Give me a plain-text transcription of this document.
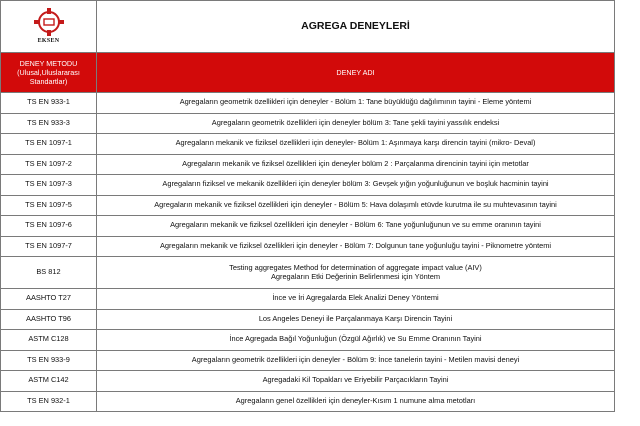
EKSEN	AGREGA DENEYLERİ
DENEY METODU
(Ulusal,Uluslararası
Standartlar)	DENEY ADI
TS EN 933-1	Agregaların geometrik özellikleri için deneyler - Bölüm 1: Tane büyüklüğü dağılımının tayini - Eleme yöntemi
TS EN 933-3	Agregaların geometrik özellikleri için deneyler bölüm 3: Tane şekli tayini yassılık endeksi
TS EN 1097-1	Agregaların mekanik ve fiziksel özellikleri için deneyler- Bölüm 1: Aşınmaya karşı direncin tayini (mikro- Deval)
TS EN 1097-2	Agregaların mekanik ve fiziksel özellikleri için deneyler bölüm 2 : Parçalanma direncinin tayini için metotlar
TS EN 1097-3	Agregaların fiziksel ve mekanik özellikleri için deneyler bölüm 3: Gevşek yığın yoğunluğunun ve boşluk hacminin tayini
TS EN 1097-5	Agregaların mekanik ve fiziksel özellikleri için deneyler - Bölüm 5: Hava dolaşımlı etüvde kurutma ile su muhtevasının tayini
TS EN 1097-6	Agregaların mekanik ve fiziksel özellikleri için deneyler - Bölüm 6: Tane yoğunluğunun ve su emme oranının tayini
TS EN 1097-7	Agregaların mekanik ve fiziksel özellikleri için deneyler - Bölüm 7: Dolgunun tane yoğunluğu tayini - Piknometre yöntemi
BS 812	Testing aggregates Method for determination of aggregate impact value (AIV)
Agregaların Etki Değerinin Belirlenmesi için Yöntem
AASHTO T27	İnce ve İri Agregalarda Elek Analizi Deney Yöntemi
AASHTO T96	Los Angeles Deneyi ile Parçalanmaya Karşı Direncin Tayini
ASTM C128	İnce Agregada Bağıl Yoğunluğun (Özgül Ağırlık) ve Su Emme Oranının Tayini
TS EN 933-9	Agregaların geometrik özellikleri için deneyler - Bölüm 9: İnce tanelerin tayini - Metilen mavisi deneyi
ASTM C142	Agregadaki Kil Topakları ve Eriyebilir Parçacıkların Tayini
TS EN 932-1	Agregaların genel özellikleri için deneyler-Kısım 1 numune alma metotları
